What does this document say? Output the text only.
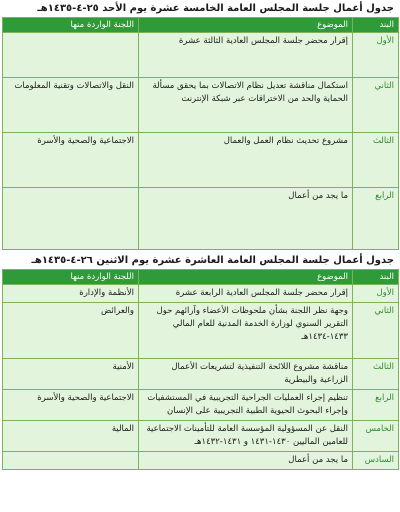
جدول أعمال جلسة المجلس العامة الخامسة عشرة يوم الأحد ٢٥-٤-١٤٣٥هـ
البند	الموضوع	اللجنة الواردة منها
الأول	إقرار محضر جلسة المجلس العادية الثالثة عشرة	
الثاني	استكمال مناقشة تعديل نظام الاتصالات بما يحقق مسألة الحماية والحد من الاختراقات عبر شبكة الإنترنت	النقل والاتصالات وتقنية المعلومات
الثالث	مشروع تحديث نظام العمل والعمال	الاجتماعية والصحية والأسرة
الرابع	ما يجد من أعمال	
جدول أعمال جلسة المجلس العامة العاشرة عشرة يوم الاثنين ٢٦-٤-١٤٣٥هـ
البند	الموضوع	اللجنة الواردة منها
الأول	إقرار محضر جلسة المجلس العادية الرابعة عشرة	الأنظمة والإدارة
الثاني	وجهة نظر اللجنة بشأن ملحوظات الأعضاء وآرائهم حول التقرير السنوي لوزارة الخدمة المدنية للعام المالي ١٤٣٣-١٤٣٤هـ	والعرائض
الثالث	مناقشة مشروع اللائحة التنفيذية لتشريعات الأعمال الزراعية والبيطرية	الأمنية
الرابع	تنظيم إجراء العمليات الجراحية التجريبية في المستشفيات وإجراء البحوث الحيوية الطبية التجريبية على الإنسان	الاجتماعية والصحية والأسرة
الخامس	النقل عن المسؤولية المؤسسة العامة للتأمينات الاجتماعية للعامين الماليين ١٤٣٠-١٤٣١ و ١٤٣١-١٤٣٢هـ	المالية
السادس	ما يجد من أعمال	
